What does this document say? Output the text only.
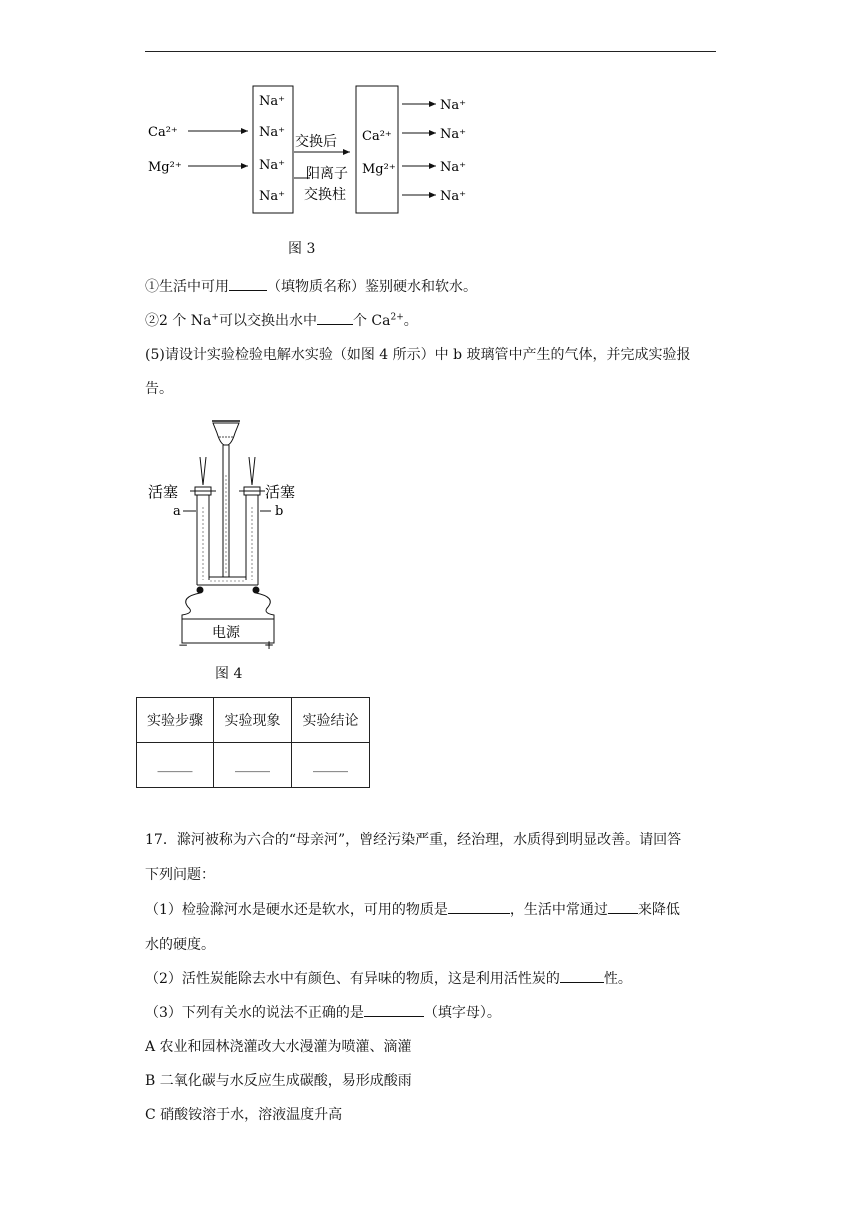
Ca²⁺
Mg²⁺
Na⁺
Na⁺
Na⁺
Na⁺
交换后
阳离子
交换柱
Ca²⁺
Mg²⁺
Na⁺
Na⁺
Na⁺
Na⁺
图 3
①生活中可用	（填物质名称）鉴别硬水和软水。
②2 个 Na+可以交换出水中	个 $Ca^{2+}$。
(5)请设计实验检验电解水实验（如图 4 所示）中 b 玻璃管中产生的气体，并完成实验报
告。
电源
−	+
活塞	活塞
a	b
图 4
实验步骤	实验现象	实验结论
_____	_____	_____
17．滁河被称为六合的“母亲河”，曾经污染严重，经治理，水质得到明显改善。请回答
下列问题：
（1）检验滁河水是硬水还是软水，可用的物质是	，生活中常通过 来降低
水的硬度。
（2）活性炭能除去水中有颜色、有异味的物质，这是利用活性炭的	性。
（3）下列有关水的说法不正确的是	（填字母）。
A 农业和园林浇灌改大水漫灌为喷灌、滴灌
B 二氧化碳与水反应生成碳酸，易形成酸雨
C 硝酸铵溶于水，溶液温度升高
